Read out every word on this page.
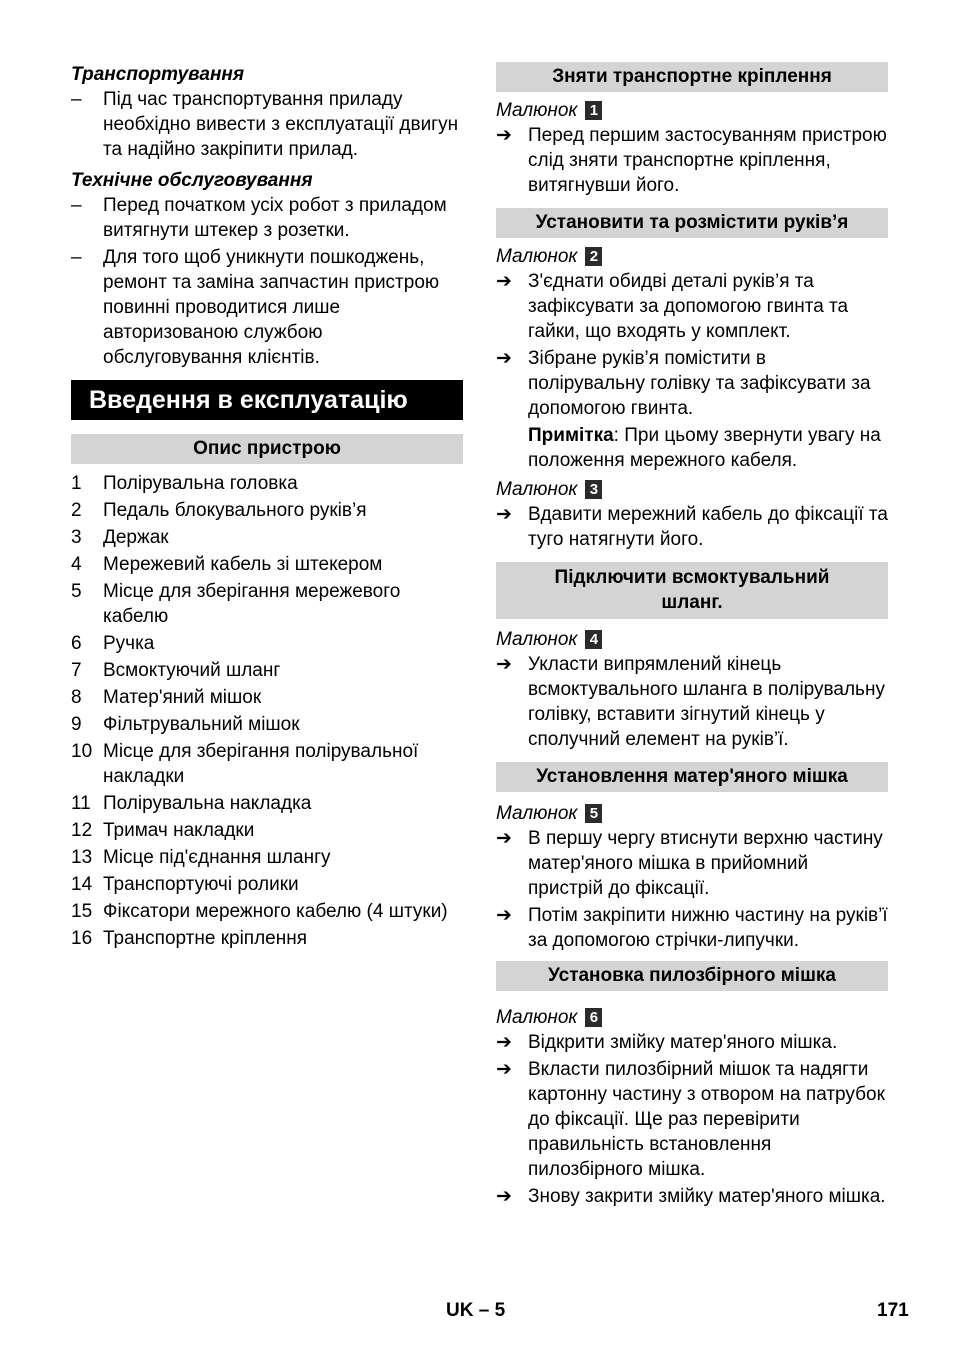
Транспортування

–	Під час транспортування приладу необхідно вивести з експлуатації двигун та надійно закріпити прилад.

Технічне обслуговування

–	Перед початком усіх робот з приладом витягнути штекер з розетки.
–	Для того щоб уникнути пошкоджень, ремонт та заміна запчастин пристрою повинні проводитися лише авторизованою службою обслуговування клієнтів.
Введення в експлуатацію
Опис пристрою
1	Полірувальна головка
2	Педаль блокувального руків’я
3	Держак
4	Мережевий кабель зі штекером
5	Місце для зберігання мережевого кабелю
6	Ручка
7	Всмоктуючий шланг
8	Матер'яний мішок
9	Фільтрувальний мішок
10 Місце для зберігання полірувальної накладки
11 Полірувальна накладка
12 Тримач накладки
13 Місце під'єднання шлангу
14 Транспортуючі ролики
15 Фіксатори мережного кабелю (4 штуки)
16 Транспортне кріплення
Зняти транспортне кріплення
Малюнок 1
➔ Перед першим застосуванням пристрою слід зняти транспортне кріплення, витягнувши його.
Установити та розмістити руків’я
Малюнок 2
➔ З'єднати обидві деталі руків’я та зафіксувати за допомогою гвинта та гайки, що входять у комплект.
➔ Зібране руків’я помістити в полірувальну голівку та зафіксувати за допомогою гвинта.
Примітка: При цьому звернути увагу на положення мережного кабеля.
Малюнок 3
➔ Вдавити мережний кабель до фіксації та туго натягнути його.
Підключити всмоктувальний шланг.
Малюнок 4
➔ Укласти випрямлений кінець всмоктувального шланга в полірувальну голівку, вставити зігнутий кінець у сполучний елемент на руків’ї.
Установлення матер'яного мішка
Малюнок 5
➔ В першу чергу втиснути верхню частину матер'яного мішка в прийомний пристрій до фіксації.
➔ Потім закріпити нижню частину на руків’ї за допомогою стрічки-липучки.
Установка пилозбірного мішка
Малюнок 6
➔ Відкрити змійку матер'яного мішка.
➔ Вкласти пилозбірний мішок та надягти картонну частину з отвором на патрубок до фіксації. Ще раз перевірити правильність встановлення пилозбірного мішка.
➔ Знову закрити змійку матер'яного мішка.
UK – 5	171
